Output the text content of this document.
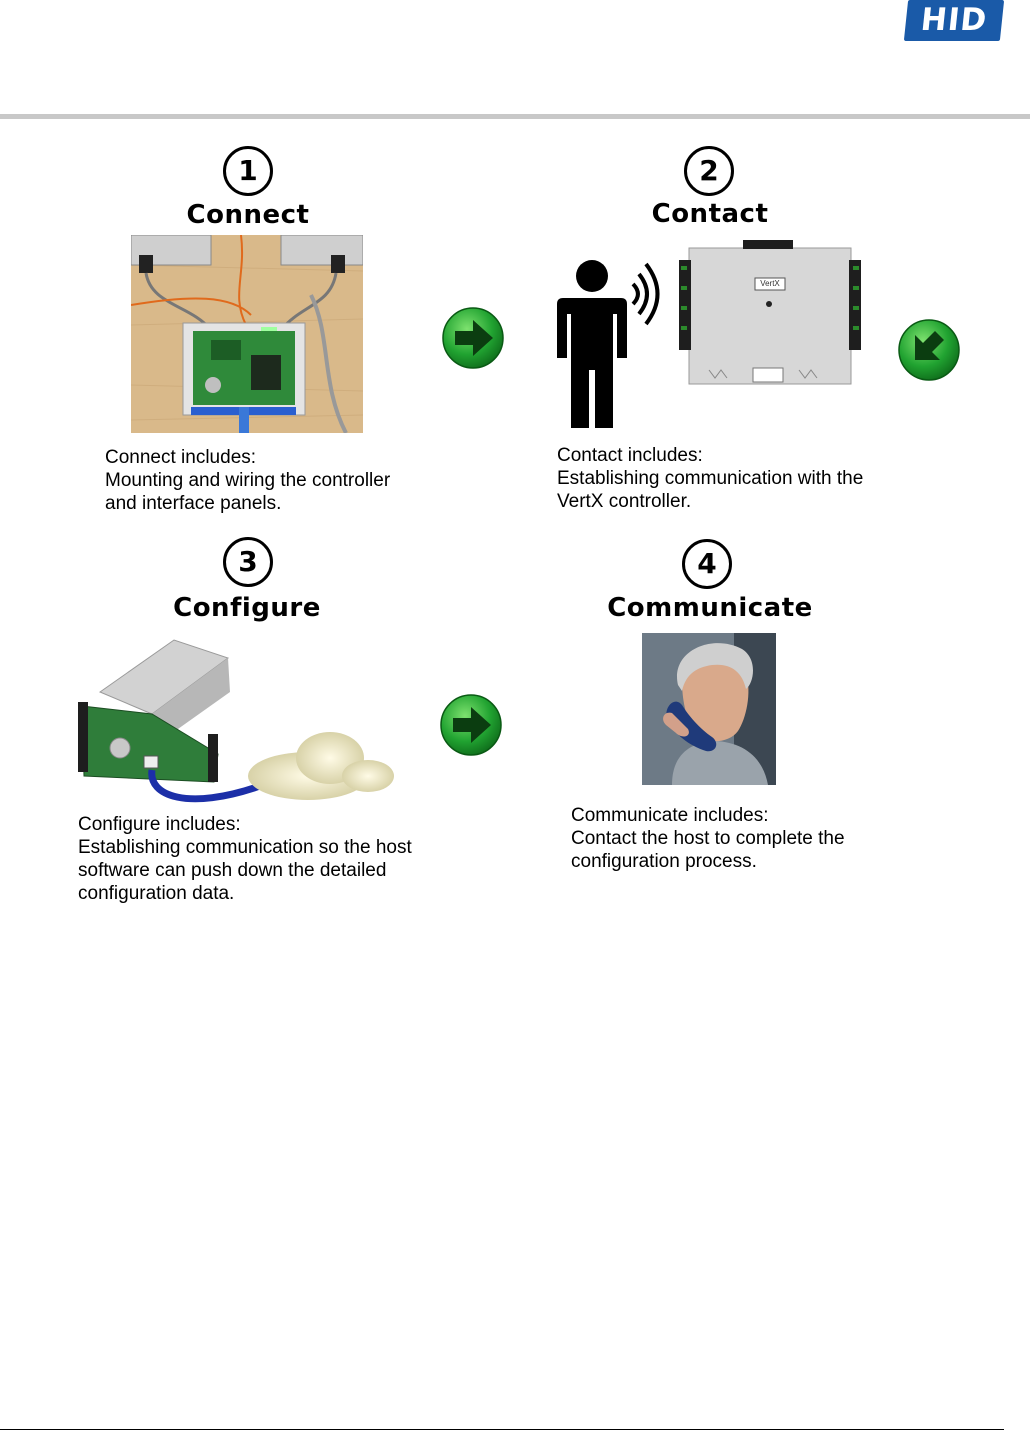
HID
1
Connect
Connect includes:
Mounting and wiring the controller
and interface panels.
2
Contact
VertX
Contact includes:
Establishing communication with the
VertX controller.
3
Configure
Configure includes:
Establishing communication so the host
software can push down the detailed
configuration data.
4
Communicate
Communicate includes:
Contact the host to complete the
configuration process.
